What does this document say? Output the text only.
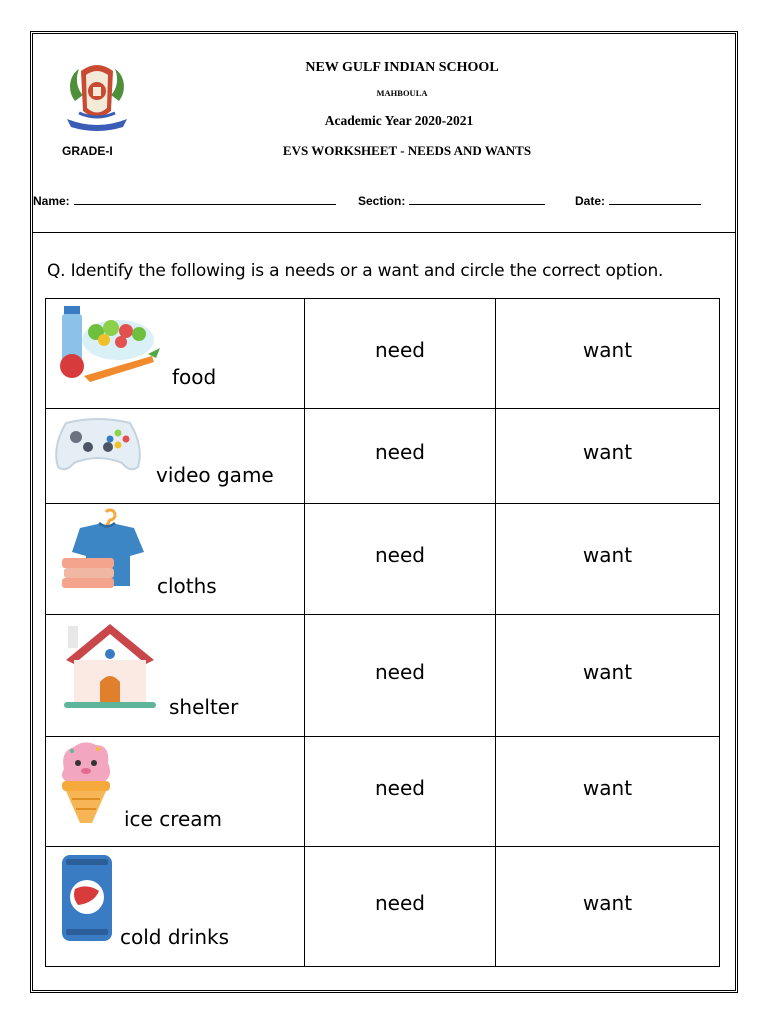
NEW GULF INDIAN SCHOOL
MAHBOULA
Academic Year 2020-2021
GRADE-I	EVS WORKSHEET - NEEDS AND WANTS
Name:	Section:	Date:
Q. Identify the following is a needs or a want and circle the correct option.
food	need	want

video game	need	want

cloths	need	want

shelter	need	want

ice cream	need	want

cold drinks	need	want
